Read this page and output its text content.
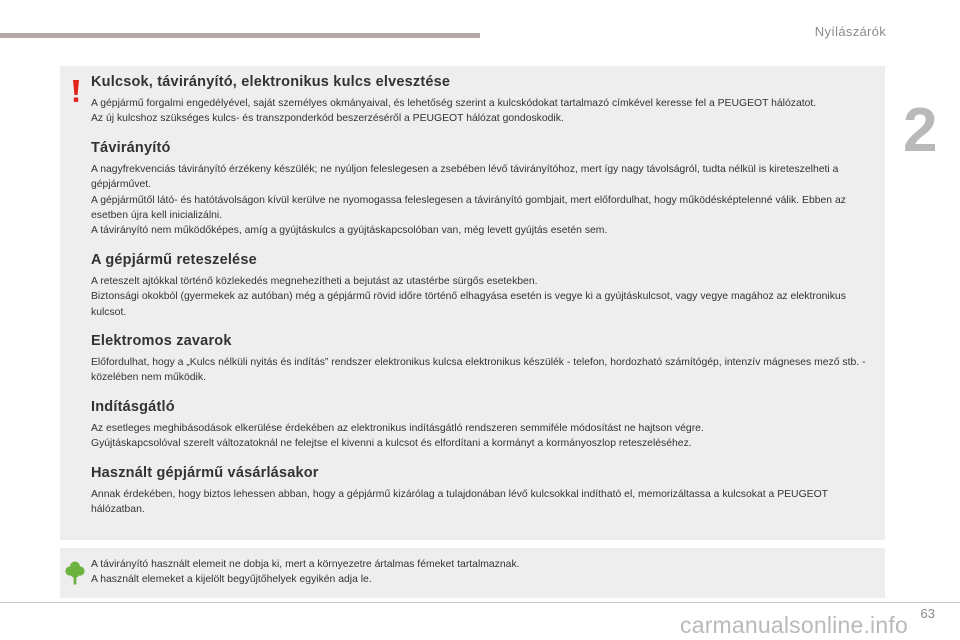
Nyílászárók
2
Kulcsok, távirányító, elektronikus kulcs elvesztése

A gépjármű forgalmi engedélyével, saját személyes okmányaival, és lehetőség szerint a kulcskódokat tartalmazó címkével keresse fel a PEUGEOT hálózatot.
Az új kulcshoz szükséges kulcs- és transzponderkód beszerzéséről a PEUGEOT hálózat gondoskodik.

Távirányító

A nagyfrekvenciás távirányító érzékeny készülék; ne nyúljon feleslegesen a zsebében lévő távirányítóhoz, mert így nagy távolságról, tudta nélkül is kireteszelheti a gépjárművet.
A gépjárműtől látó- és hatótávolságon kívül kerülve ne nyomogassa feleslegesen a távirányító gombjait, mert előfordulhat, hogy működésképtelenné válik. Ebben az esetben újra kell inicializálni.
A távirányító nem működőképes, amíg a gyújtáskulcs a gyújtáskapcsolóban van, még levett gyújtás esetén sem.

A gépjármű reteszelése

A reteszelt ajtókkal történő közlekedés megnehezítheti a bejutást az utastérbe sürgős esetekben.
Biztonsági okokból (gyermekek az autóban) még a gépjármű rövid időre történő elhagyása esetén is vegye ki a gyújtáskulcsot, vagy vegye magához az elektronikus kulcsot.

Elektromos zavarok

Előfordulhat, hogy a „Kulcs nélküli nyitás és indítás” rendszer elektronikus kulcsa elektronikus készülék - telefon, hordozható számítógép, intenzív mágneses mező stb. - közelében nem működik.

Indításgátló

Az esetleges meghibásodások elkerülése érdekében az elektronikus indításgátló rendszeren semmiféle módosítást ne hajtson végre.
Gyújtáskapcsolóval szerelt változatoknál ne felejtse el kivenni a kulcsot és elfordítani a kormányt a kormányoszlop reteszeléséhez.

Használt gépjármű vásárlásakor

Annak érdekében, hogy biztos lehessen abban, hogy a gépjármű kizárólag a tulajdonában lévő kulcsokkal indítható el, memorizáltassa a kulcsokat a PEUGEOT hálózatban.

A távirányító használt elemeit ne dobja ki, mert a környezetre ártalmas fémeket tartalmaznak.
A használt elemeket a kijelölt begyűjtőhelyek egyikén adja le.
carmanualsonline.info 63
